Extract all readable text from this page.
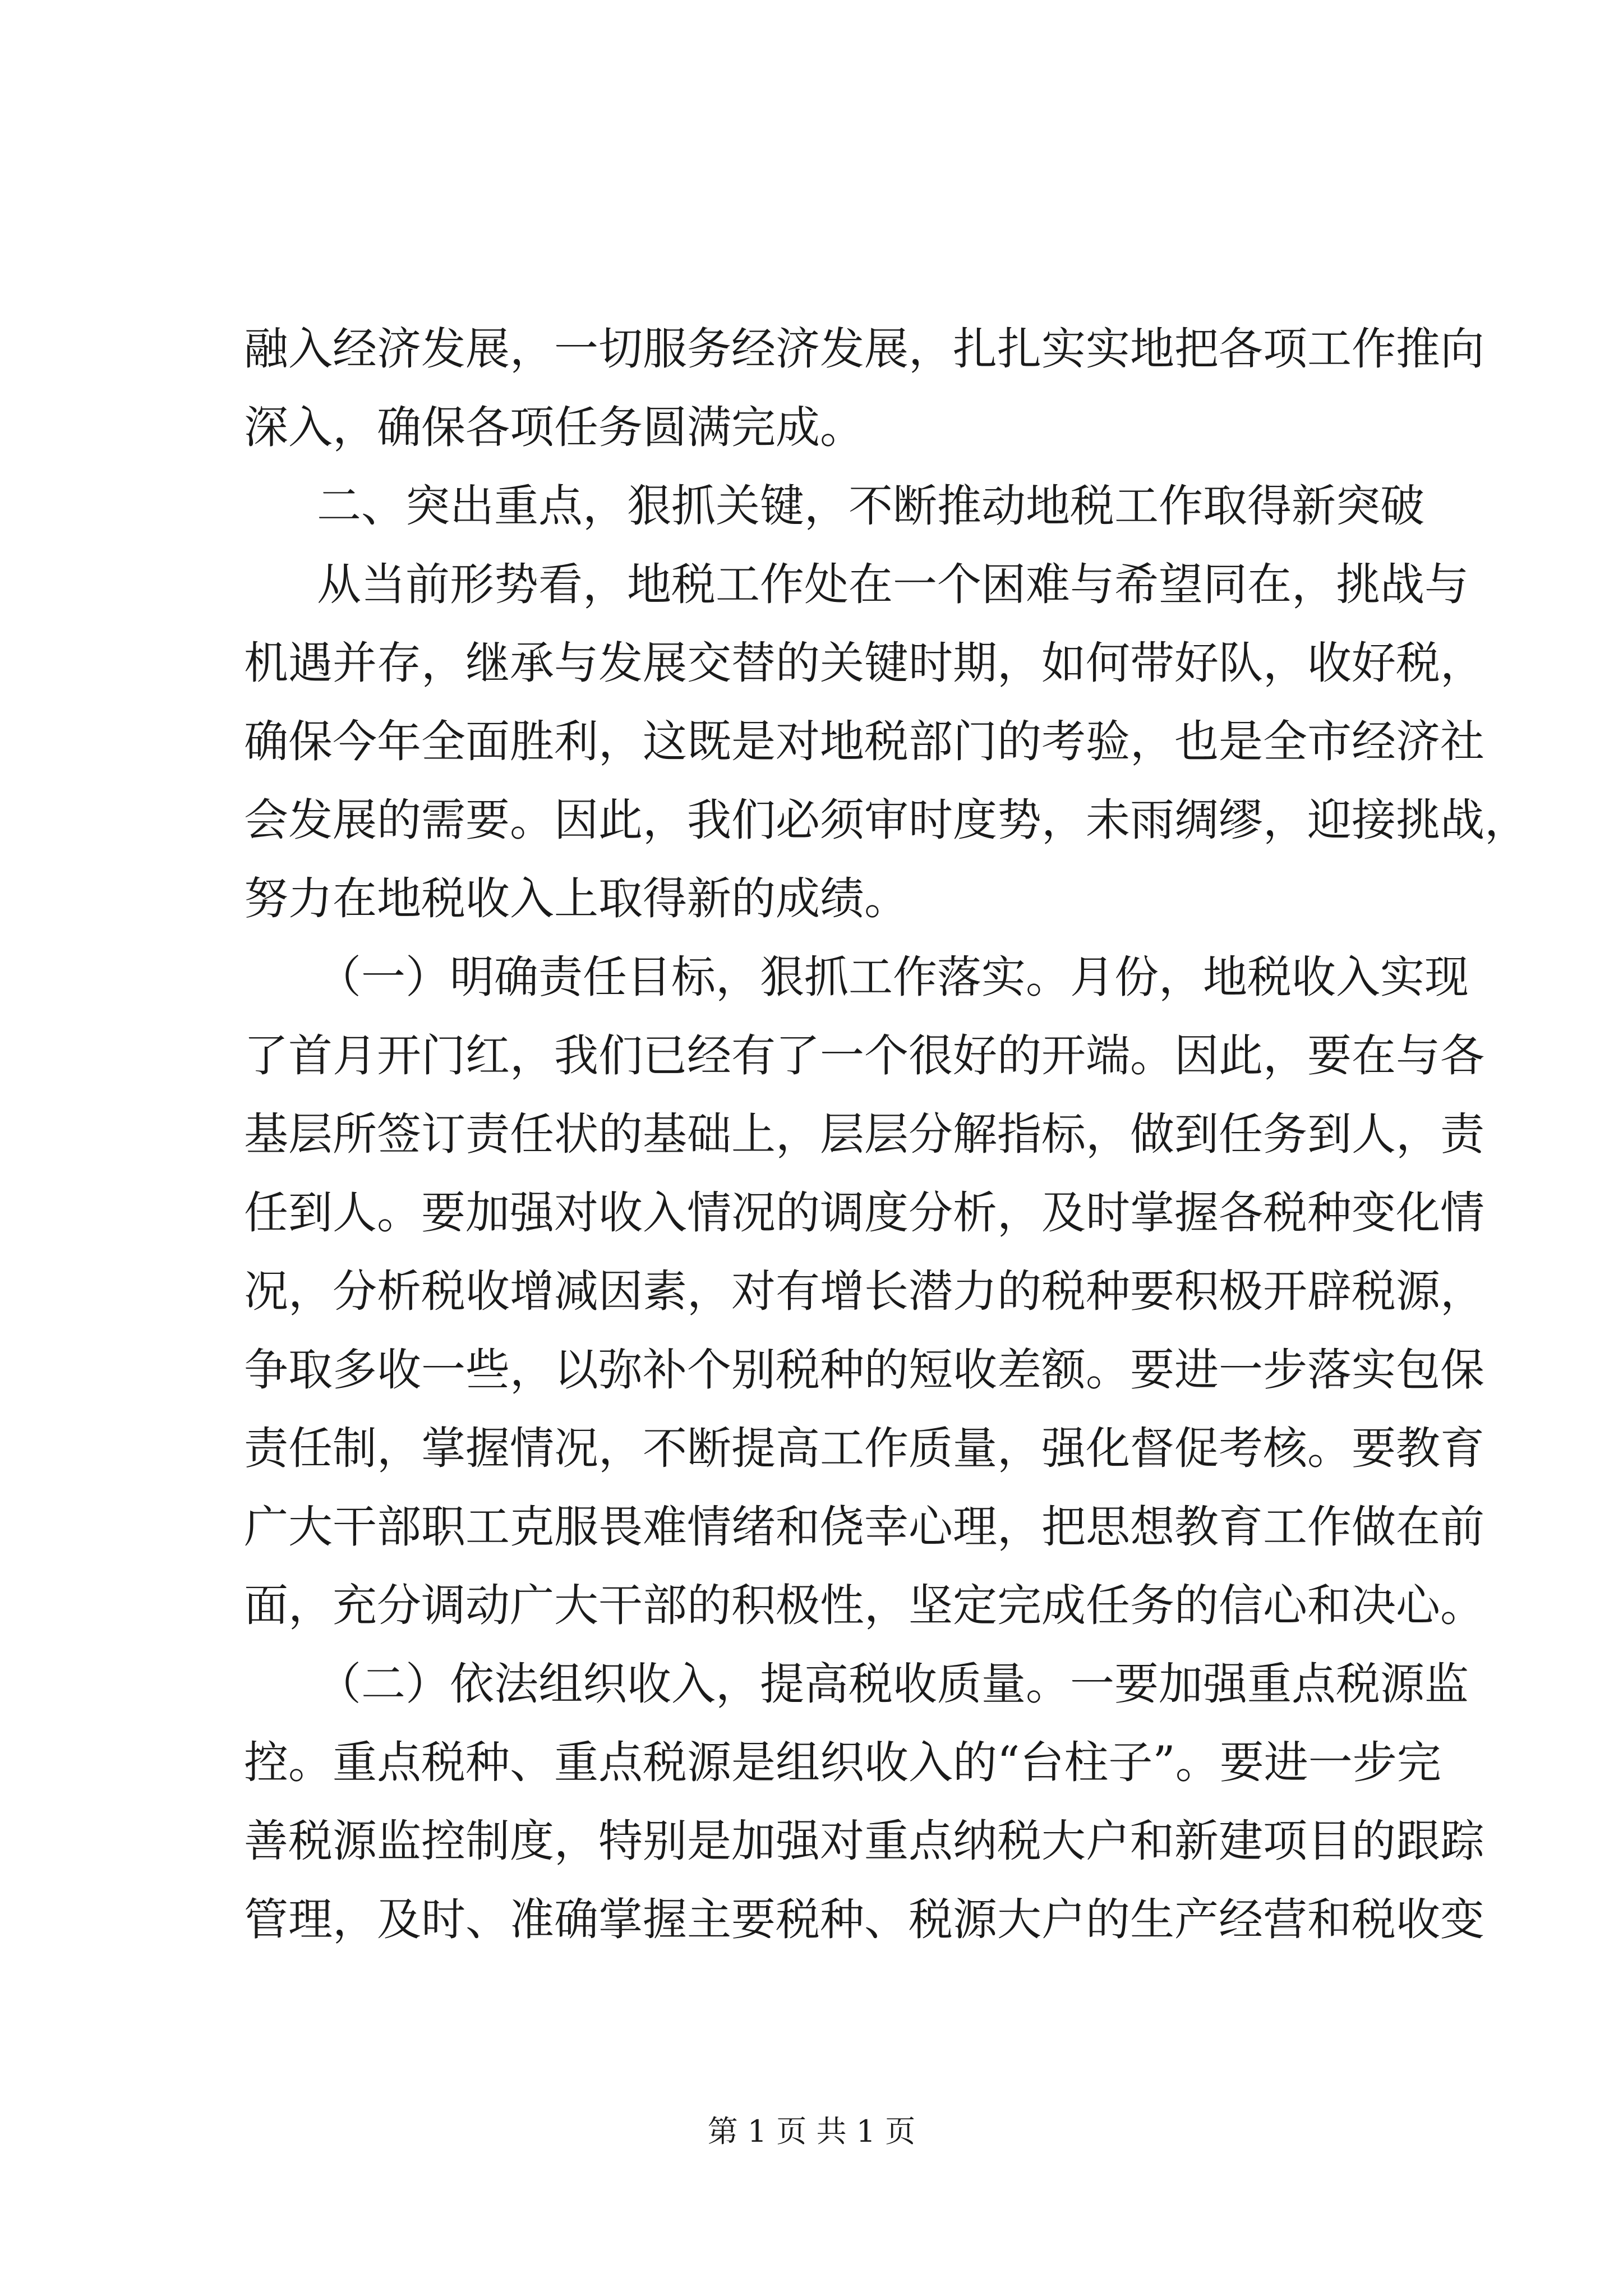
融入经济发展，一切服务经济发展，扎扎实实地把各项工作推向

深入，确保各项任务圆满完成。

二、突出重点，狠抓关键，不断推动地税工作取得新突破

从当前形势看，地税工作处在一个困难与希望同在，挑战与

机遇并存，继承与发展交替的关键时期，如何带好队，收好税，

确保今年全面胜利，这既是对地税部门的考验，也是全市经济社

会发展的需要。因此，我们必须审时度势，未雨绸缪，迎接挑战，

努力在地税收入上取得新的成绩。

（一）明确责任目标，狠抓工作落实。月份，地税收入实现

了首月开门红，我们已经有了一个很好的开端。因此，要在与各

基层所签订责任状的基础上，层层分解指标，做到任务到人，责

任到人。要加强对收入情况的调度分析，及时掌握各税种变化情

况，分析税收增减因素，对有增长潜力的税种要积极开辟税源，

争取多收一些，以弥补个别税种的短收差额。要进一步落实包保

责任制，掌握情况，不断提高工作质量，强化督促考核。要教育

广大干部职工克服畏难情绪和侥幸心理，把思想教育工作做在前

面，充分调动广大干部的积极性，坚定完成任务的信心和决心。

（二）依法组织收入，提高税收质量。一要加强重点税源监

控。重点税种、重点税源是组织收入的“台柱子”。要进一步完

善税源监控制度，特别是加强对重点纳税大户和新建项目的跟踪

管理，及时、准确掌握主要税种、税源大户的生产经营和税收变

第 1 页 共 1 页
